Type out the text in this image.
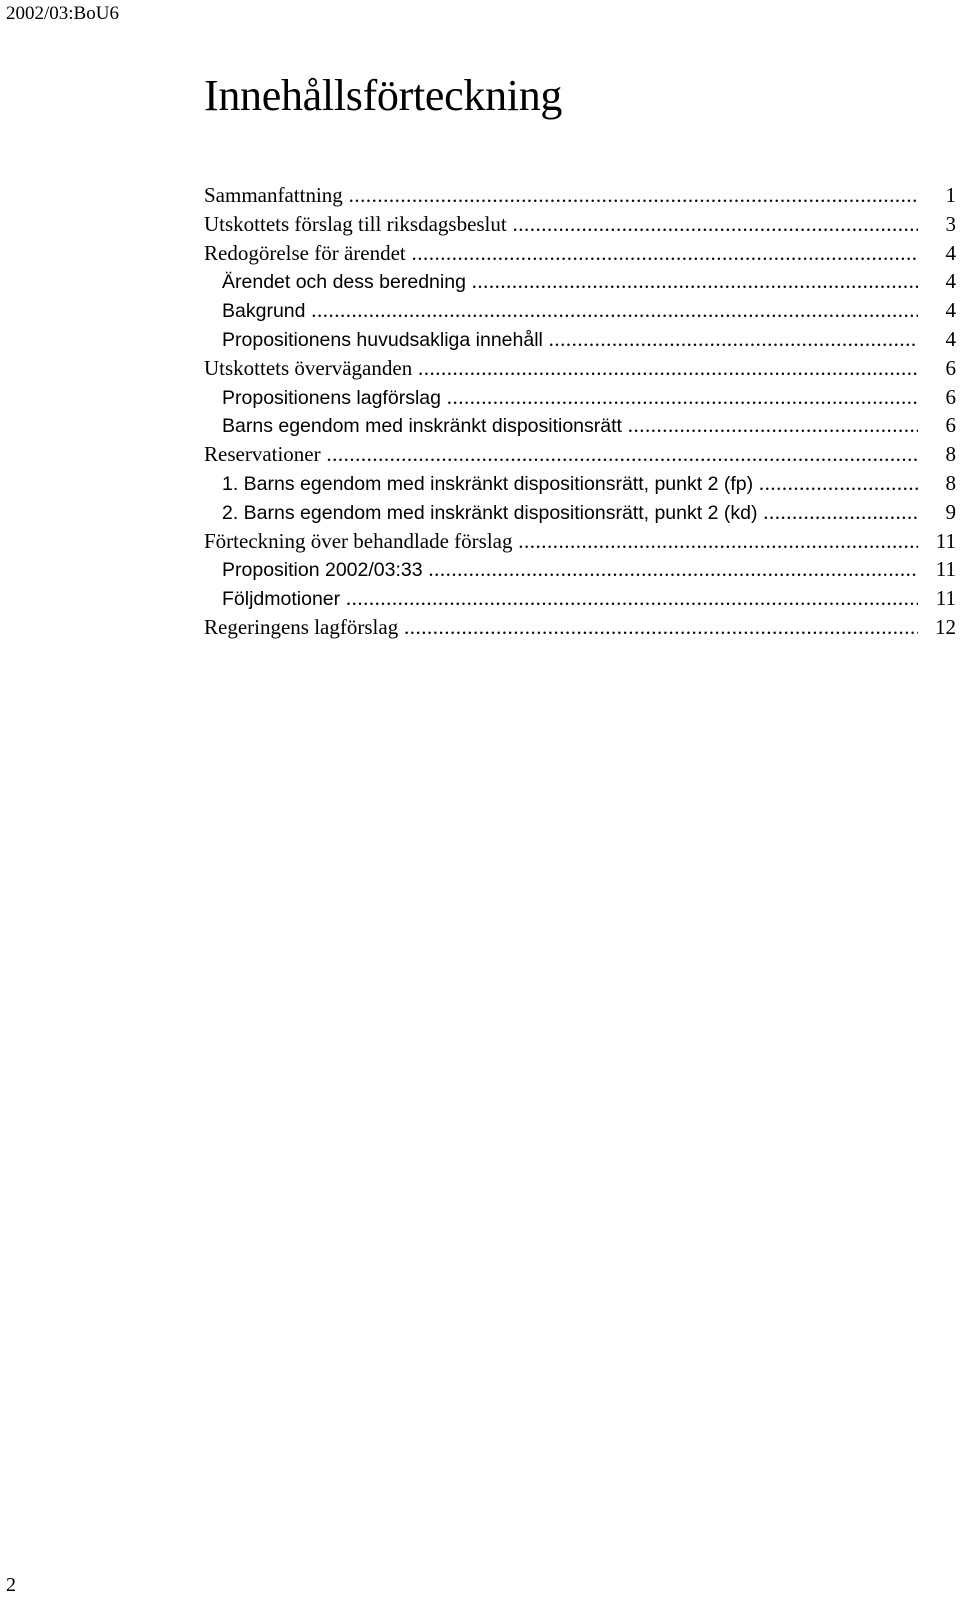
2002/03:BoU6
Innehållsförteckning
Sammanfattning .....	1
Utskottets förslag till riksdagsbeslut .....	3
Redogörelse för ärendet .....	4
Ärendet och dess beredning .....	4
Bakgrund .....	4
Propositionens huvudsakliga innehåll .....	4
Utskottets överväganden .....	6
Propositionens lagförslag .....	6
Barns egendom med inskränkt dispositionsrätt .....	6
Reservationer .....	8
1. Barns egendom med inskränkt dispositionsrätt, punkt 2 (fp) .....	8
2. Barns egendom med inskränkt dispositionsrätt, punkt 2 (kd) .....	9
Förteckning över behandlade förslag .....	11
Proposition 2002/03:33 .....	11
Följdmotioner .....	11
Regeringens lagförslag .....	12
2
